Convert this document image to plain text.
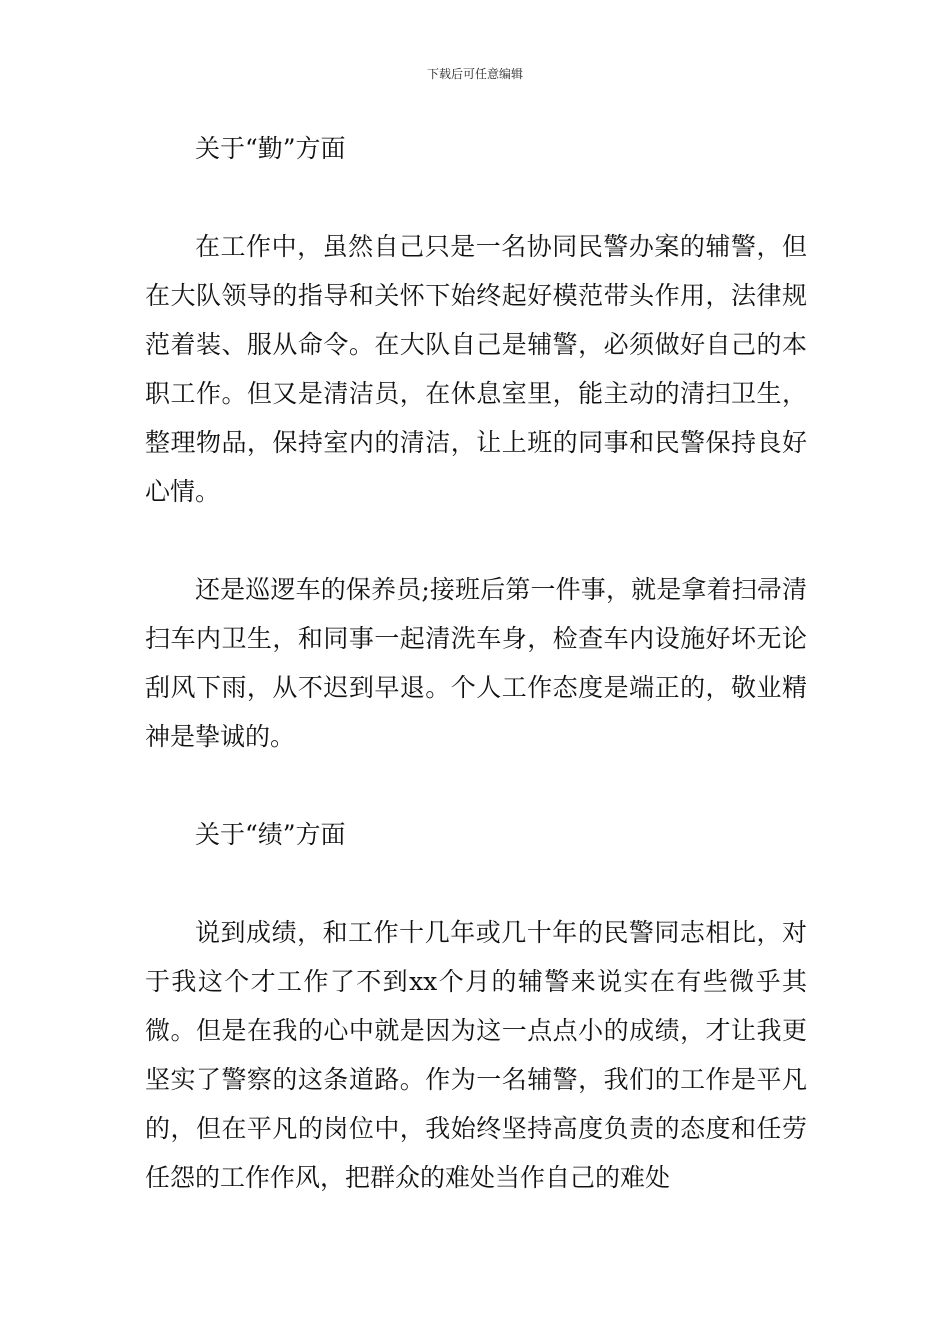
下载后可任意编辑

关于“勤”方面

在工作中，虽然自己只是一名协同民警办案的辅警，但在大队领导的指导和关怀下始终起好模范带头作用，法律规范着装、服从命令。在大队自己是辅警，必须做好自己的本职工作。但又是清洁员，在休息室里，能主动的清扫卫生，整理物品，保持室内的清洁，让上班的同事和民警保持良好心情。

还是巡逻车的保养员;接班后第一件事，就是拿着扫帚清扫车内卫生，和同事一起清洗车身，检查车内设施好坏无论刮风下雨，从不迟到早退。个人工作态度是端正的，敬业精神是挚诚的。

关于“绩”方面

说到成绩，和工作十几年或几十年的民警同志相比，对于我这个才工作了不到xx个月的辅警来说实在有些微乎其微。但是在我的心中就是因为这一点点小的成绩，才让我更坚实了警察的这条道路。作为一名辅警，我们的工作是平凡的，但在平凡的岗位中，我始终坚持高度负责的态度和任劳任怨的工作作风，把群众的难处当作自己的难处
